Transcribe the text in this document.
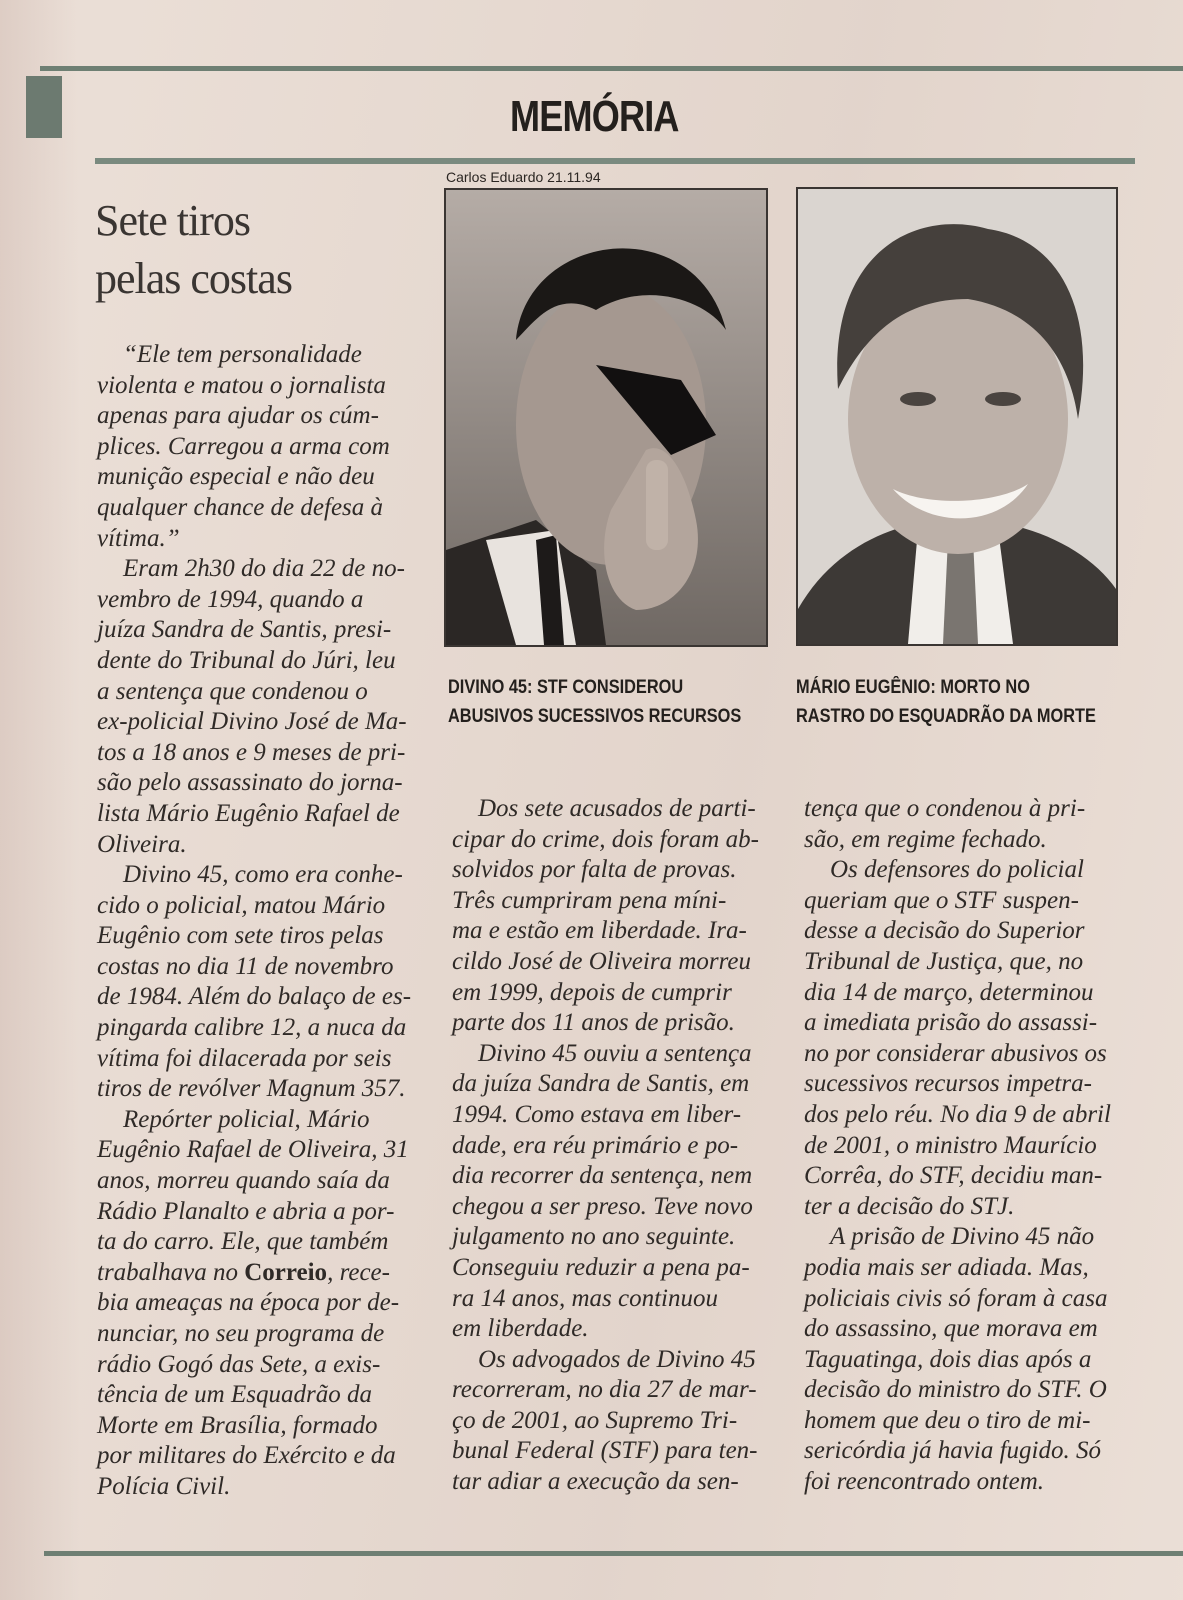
MEMÓRIA
Sete tiros
pelas costas
Carlos Eduardo 21.11.94
DIVINO 45: STF CONSIDEROU
ABUSIVOS SUCESSIVOS RECURSOS
MÁRIO EUGÊNIO: MORTO NO
RASTRO DO ESQUADRÃO DA MORTE

“Ele tem personalidade

violenta e matou o jornalista

apenas para ajudar os cúm-

plices. Carregou a arma com

munição especial e não deu

qualquer chance de defesa à

vítima.”

Eram 2h30 do dia 22 de no-

vembro de 1994, quando a

juíza Sandra de Santis, presi-

dente do Tribunal do Júri, leu

a sentença que condenou o

ex-policial Divino José de Ma-

tos a 18 anos e 9 meses de pri-

são pelo assassinato do jorna-

lista Mário Eugênio Rafael de

Oliveira.

Divino 45, como era conhe-

cido o policial, matou Mário

Eugênio com sete tiros pelas

costas no dia 11 de novembro

de 1984. Além do balaço de es-

pingarda calibre 12, a nuca da

vítima foi dilacerada por seis

tiros de revólver Magnum 357.

Repórter policial, Mário

Eugênio Rafael de Oliveira, 31

anos, morreu quando saía da

Rádio Planalto e abria a por-

ta do carro. Ele, que também

trabalhava no Correio, rece-

bia ameaças na época por de-

nunciar, no seu programa de

rádio Gogó das Sete, a exis-

tência de um Esquadrão da

Morte em Brasília, formado

por militares do Exército e da

Polícia Civil.

Dos sete acusados de parti-

cipar do crime, dois foram ab-

solvidos por falta de provas.

Três cumpriram pena míni-

ma e estão em liberdade. Ira-

cildo José de Oliveira morreu

em 1999, depois de cumprir

parte dos 11 anos de prisão.

Divino 45 ouviu a sentença

da juíza Sandra de Santis, em

1994. Como estava em liber-

dade, era réu primário e po-

dia recorrer da sentença, nem

chegou a ser preso. Teve novo

julgamento no ano seguinte.

Conseguiu reduzir a pena pa-

ra 14 anos, mas continuou

em liberdade.

Os advogados de Divino 45

recorreram, no dia 27 de mar-

ço de 2001, ao Supremo Tri-

bunal Federal (STF) para ten-

tar adiar a execução da sen-

tença que o condenou à pri-

são, em regime fechado.

Os defensores do policial

queriam que o STF suspen-

desse a decisão do Superior

Tribunal de Justiça, que, no

dia 14 de março, determinou

a imediata prisão do assassi-

no por considerar abusivos os

sucessivos recursos impetra-

dos pelo réu. No dia 9 de abril

de 2001, o ministro Maurício

Corrêa, do STF, decidiu man-

ter a decisão do STJ.

A prisão de Divino 45 não

podia mais ser adiada. Mas,

policiais civis só foram à casa

do assassino, que morava em

Taguatinga, dois dias após a

decisão do ministro do STF. O

homem que deu o tiro de mi-

sericórdia já havia fugido. Só

foi reencontrado ontem.
